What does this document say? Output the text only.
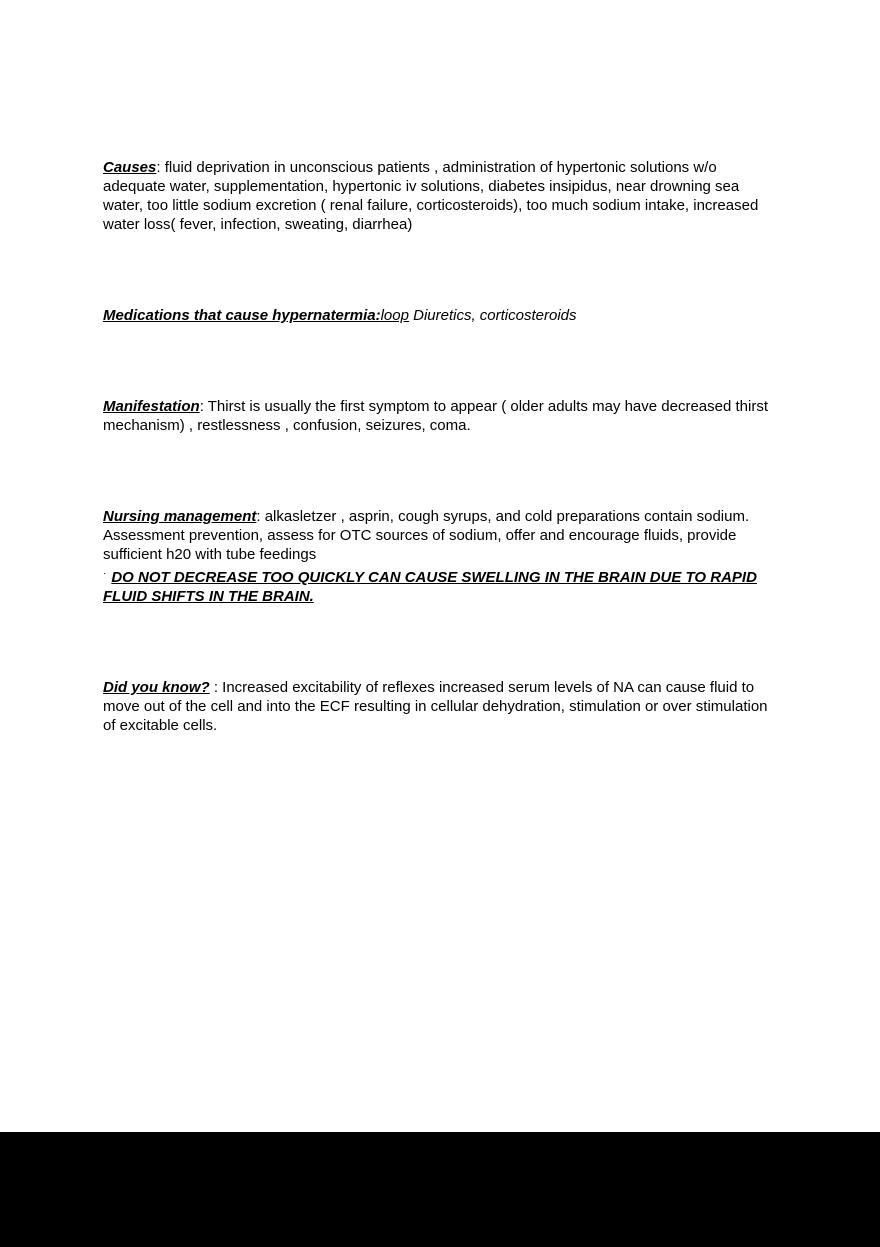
Causes: fluid deprivation in unconscious patients , administration of hypertonic solutions w/o adequate water, supplementation, hypertonic iv solutions, diabetes insipidus, near drowning sea water, too little sodium excretion ( renal failure, corticosteroids), too much sodium intake, increased water loss( fever, infection, sweating, diarrhea)

Medications that cause hypernatermia:loop Diuretics, corticosteroids

Manifestation: Thirst is usually the first symptom to appear ( older adults may have decreased thirst mechanism) , restlessness , confusion, seizures, coma.

Nursing management: alkasletzer , asprin, cough syrups, and cold preparations contain sodium. Assessment prevention, assess for OTC sources of sodium, offer and encourage fluids, provide sufficient h20 with tube feedings
· DO NOT DECREASE TOO QUICKLY CAN CAUSE SWELLING IN THE BRAIN DUE TO RAPID FLUID SHIFTS IN THE BRAIN.

Did you know? : Increased excitability of reflexes increased serum levels of NA can cause fluid to move out of the cell and into the ECF resulting in cellular dehydration, stimulation or over stimulation of excitable cells.
